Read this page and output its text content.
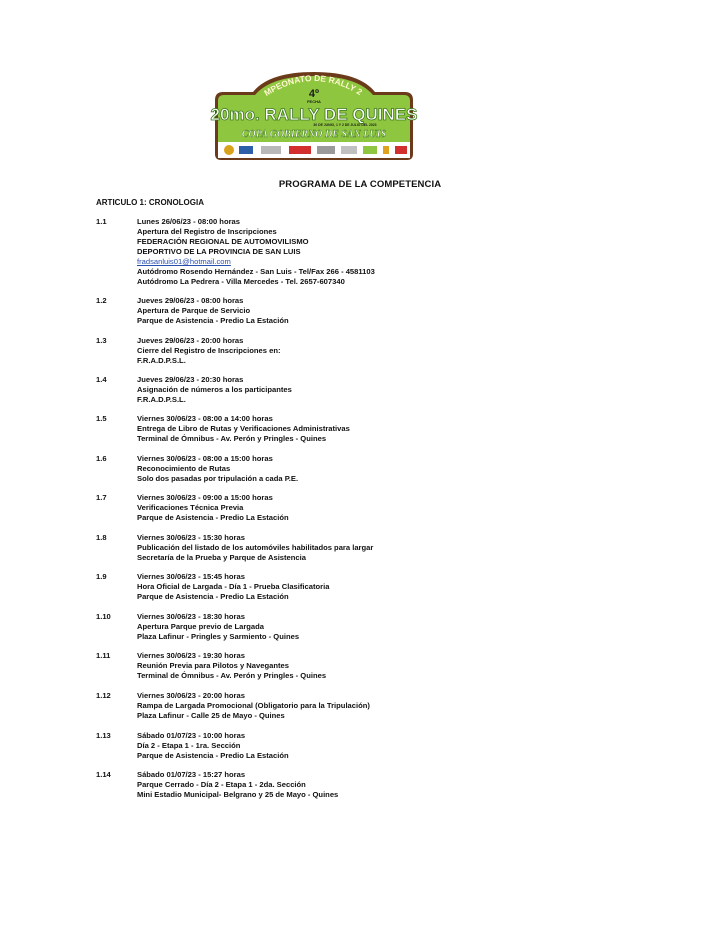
MPEONATO DE RALLY 2
4º
FECHA
20mo. RALLY DE QUINES
30 DE JUNIO, 1 Y 2 DE JULIO DEL 2023
COPA GOBIERNO DE SAN LUIS
PROGRAMA DE LA COMPETENCIA
ARTICULO 1: CRONOLOGIA
1.1	Lunes 26/06/23 - 08:00 horas
Apertura del Registro de Inscripciones
FEDERACIÓN REGIONAL DE AUTOMOVILISMO
DEPORTIVO DE LA PROVINCIA DE SAN LUIS
fradsanluis01@hotmail.com
Autódromo Rosendo Hernández - San Luis - Tel/Fax 266 - 4581103
Autódromo La Pedrera - Villa Mercedes - Tel. 2657-607340
1.2	Jueves 29/06/23 - 08:00 horas
Apertura de Parque de Servicio
Parque de Asistencia - Predio La Estación
1.3	Jueves 29/06/23 - 20:00 horas
Cierre del Registro de Inscripciones en:
F.R.A.D.P.S.L.
1.4	Jueves 29/06/23 - 20:30 horas
Asignación de números a los participantes
F.R.A.D.P.S.L.
1.5	Viernes 30/06/23 - 08:00 a 14:00 horas
Entrega de Libro de Rutas y Verificaciones Administrativas
Terminal de Ómnibus - Av. Perón y Pringles - Quines
1.6	Viernes 30/06/23 - 08:00 a 15:00 horas
Reconocimiento de Rutas
Solo dos pasadas por tripulación a cada P.E.
1.7	Viernes 30/06/23 - 09:00 a 15:00 horas
Verificaciones Técnica Previa
Parque de Asistencia - Predio La Estación
1.8	Viernes 30/06/23 - 15:30 horas
Publicación del listado de los automóviles habilitados para largar
Secretaría de la Prueba y Parque de Asistencia
1.9	Viernes 30/06/23 - 15:45 horas
Hora Oficial de Largada - Día 1 - Prueba Clasificatoria
Parque de Asistencia - Predio La Estación
1.10	Viernes 30/06/23 - 18:30 horas
Apertura Parque previo de Largada
Plaza Lafinur - Pringles y Sarmiento - Quines
1.11	Viernes 30/06/23 - 19:30 horas
Reunión Previa para Pilotos y Navegantes
Terminal de Ómnibus - Av. Perón y Pringles - Quines
1.12	Viernes 30/06/23 - 20:00 horas
Rampa de Largada Promocional (Obligatorio para la Tripulación)
Plaza Lafinur - Calle 25 de Mayo - Quines
1.13	Sábado 01/07/23 - 10:00 horas
Día 2 - Etapa 1 - 1ra. Sección
Parque de Asistencia - Predio La Estación
1.14	Sábado 01/07/23 - 15:27 horas
Parque Cerrado - Día 2 - Etapa 1 - 2da. Sección
Mini Estadio Municipal- Belgrano y 25 de Mayo - Quines
